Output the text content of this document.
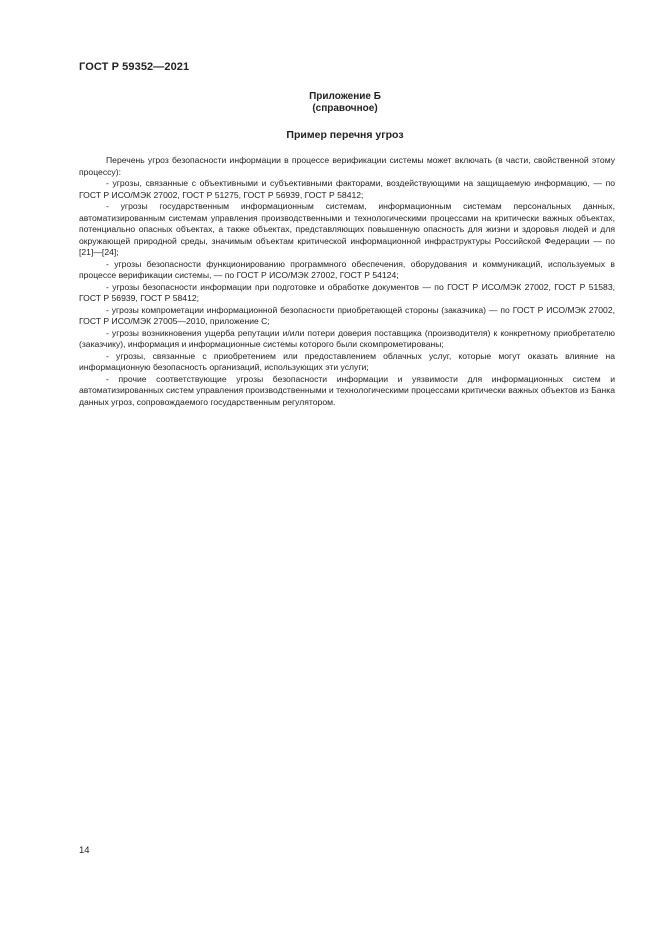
ГОСТ Р 59352—2021
Приложение Б
(справочное)
Пример перечня угроз

Перечень угроз безопасности информации в процессе верификации системы может включать (в части, свойственной этому процессу):

- угрозы, связанные с объективными и субъективными факторами, воздействующими на защищаемую информацию, — по ГОСТ Р ИСО/МЭК 27002, ГОСТ Р 51275, ГОСТ Р 56939, ГОСТ Р 58412;

- угрозы государственным информационным системам, информационным системам персональных данных, автоматизированным системам управления производственными и технологическими процессами на критически важных объектах, потенциально опасных объектах, а также объектах, представляющих повышенную опасность для жизни и здоровья людей и для окружающей природной среды, значимым объектам критической информационной инфраструктуры Российской Федерации — по [21]—[24];

- угрозы безопасности функционированию программного обеспечения, оборудования и коммуникаций, используемых в процессе верификации системы, — по ГОСТ Р ИСО/МЭК 27002, ГОСТ Р 54124;

- угрозы безопасности информации при подготовке и обработке документов — по ГОСТ Р ИСО/МЭК 27002, ГОСТ Р 51583, ГОСТ Р 56939, ГОСТ Р 58412;

- угрозы компрометации информационной безопасности приобретающей стороны (заказчика) — по ГОСТ Р ИСО/МЭК 27002, ГОСТ Р ИСО/МЭК 27005—2010, приложение С;

- угрозы возникновения ущерба репутации и/или потери доверия поставщика (производителя) к конкретному приобретателю (заказчику), информация и информационные системы которого были скомпрометированы;

- угрозы, связанные с приобретением или предоставлением облачных услуг, которые могут оказать влияние на информационную безопасность организаций, использующих эти услуги;

- прочие соответствующие угрозы безопасности информации и уязвимости для информационных систем и автоматизированных систем управления производственными и технологическими процессами критически важных объектов из Банка данных угроз, сопровождаемого государственным регулятором.

14
